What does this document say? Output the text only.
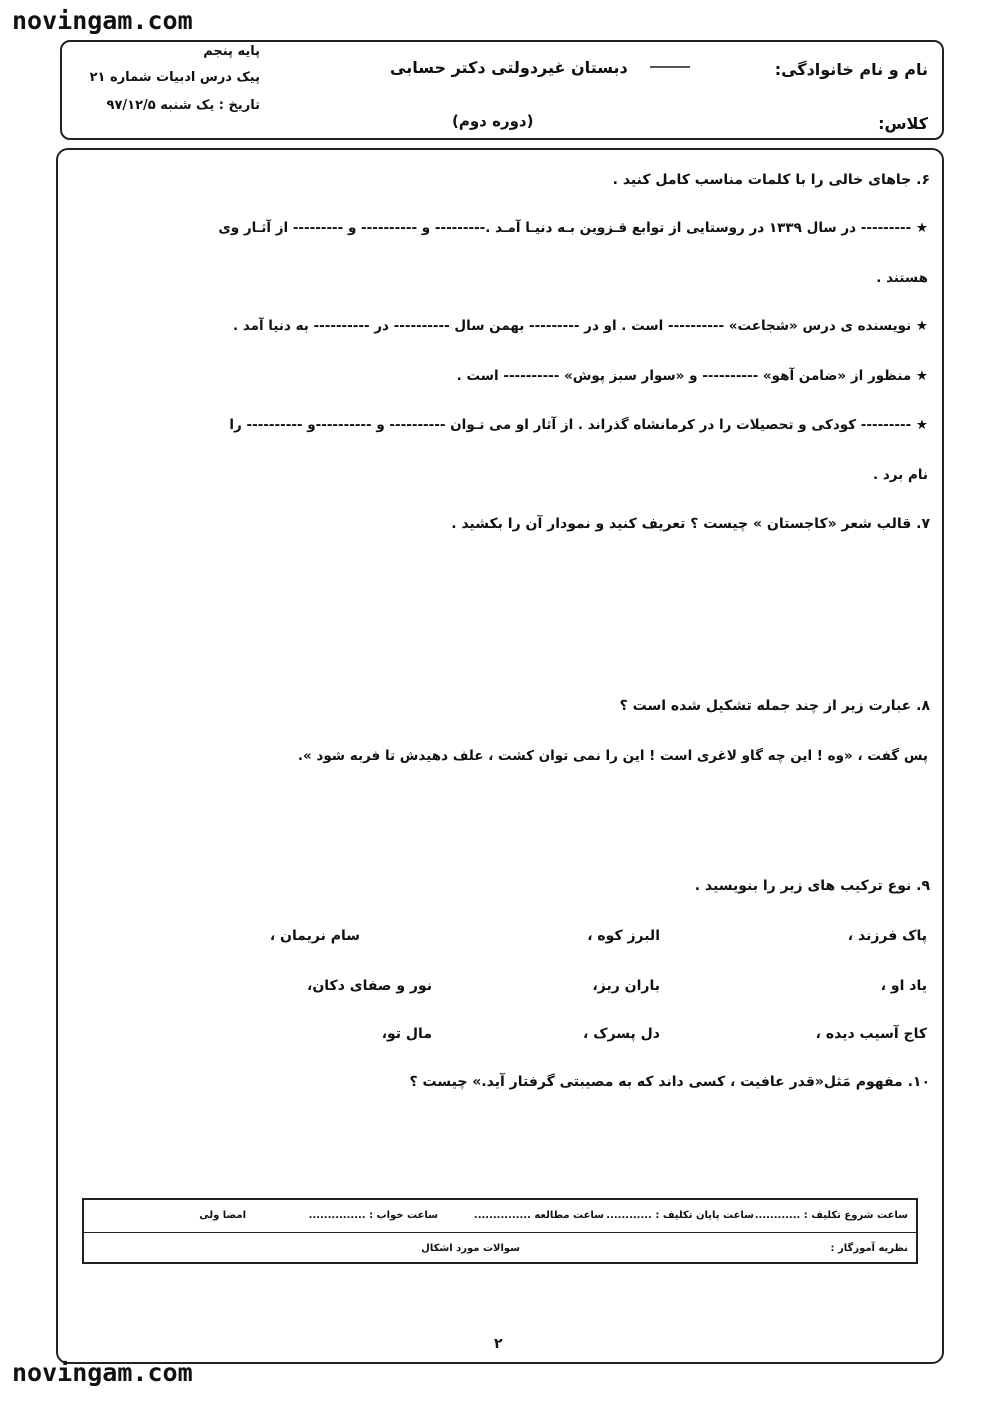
novingam.com
نام و نام خانوادگی:
کلاس:
دبستان غیردولتی دکتر حسابی
(دوره دوم)
پایه پنجم
پیک درس ادبیات شماره ۲۱
تاریخ : یک شنبه ۹۷/۱۲/۵
۶. جاهای خالی را با کلمات مناسب کامل کنید .
★ --------- در سال ۱۳۳۹ در روستایی از توابع قـزوین بـه دنیـا آمـد .--------- و ---------- و --------- از آثـار وی
هستند .
★ نویسنده ی درس «شجاعت» ---------- است . او در --------- بهمن سال ---------- در ---------- به دنیا آمد .
★ منظور از «ضامن آهو» ---------- و «سوار سبز پوش» ---------- است .
★ --------- کودکی و تحصیلات را در کرمانشاه گذراند . از آثار او می تـوان ---------- و ----------و ---------- را
نام برد .
۷. قالب شعر «کاجستان » چیست ؟ تعریف کنید و نمودار آن را بکشید .
۸. عبارت زیر از چند جمله تشکیل شده است ؟
پس گفت ، «وه ! این چه گاو لاغری است ! این را نمی توان کشت ، علف دهیدش تا فربه شود ».
۹. نوع ترکیب های زیر را بنویسید .
پاک فرزند ،
البرز کوه ،
سام نریمان ،
یاد او ،
باران ریز،
نور و صفای دکان،
کاج آسیب دیده ،
دل پسرک ،
مال تو،
۱۰. مفهوم مَثل«قدر عافیت ، کسی داند که به مصیبتی گرفتار آید.» چیست ؟
ساعت شروع تکلیف : ............
ساعت پایان تکلیف : ............
ساعت مطالعه ...............
ساعت خواب : ...............
امضا ولی
نظریه آموزگار :
سوالات مورد اشکال
۲
novingam.com
